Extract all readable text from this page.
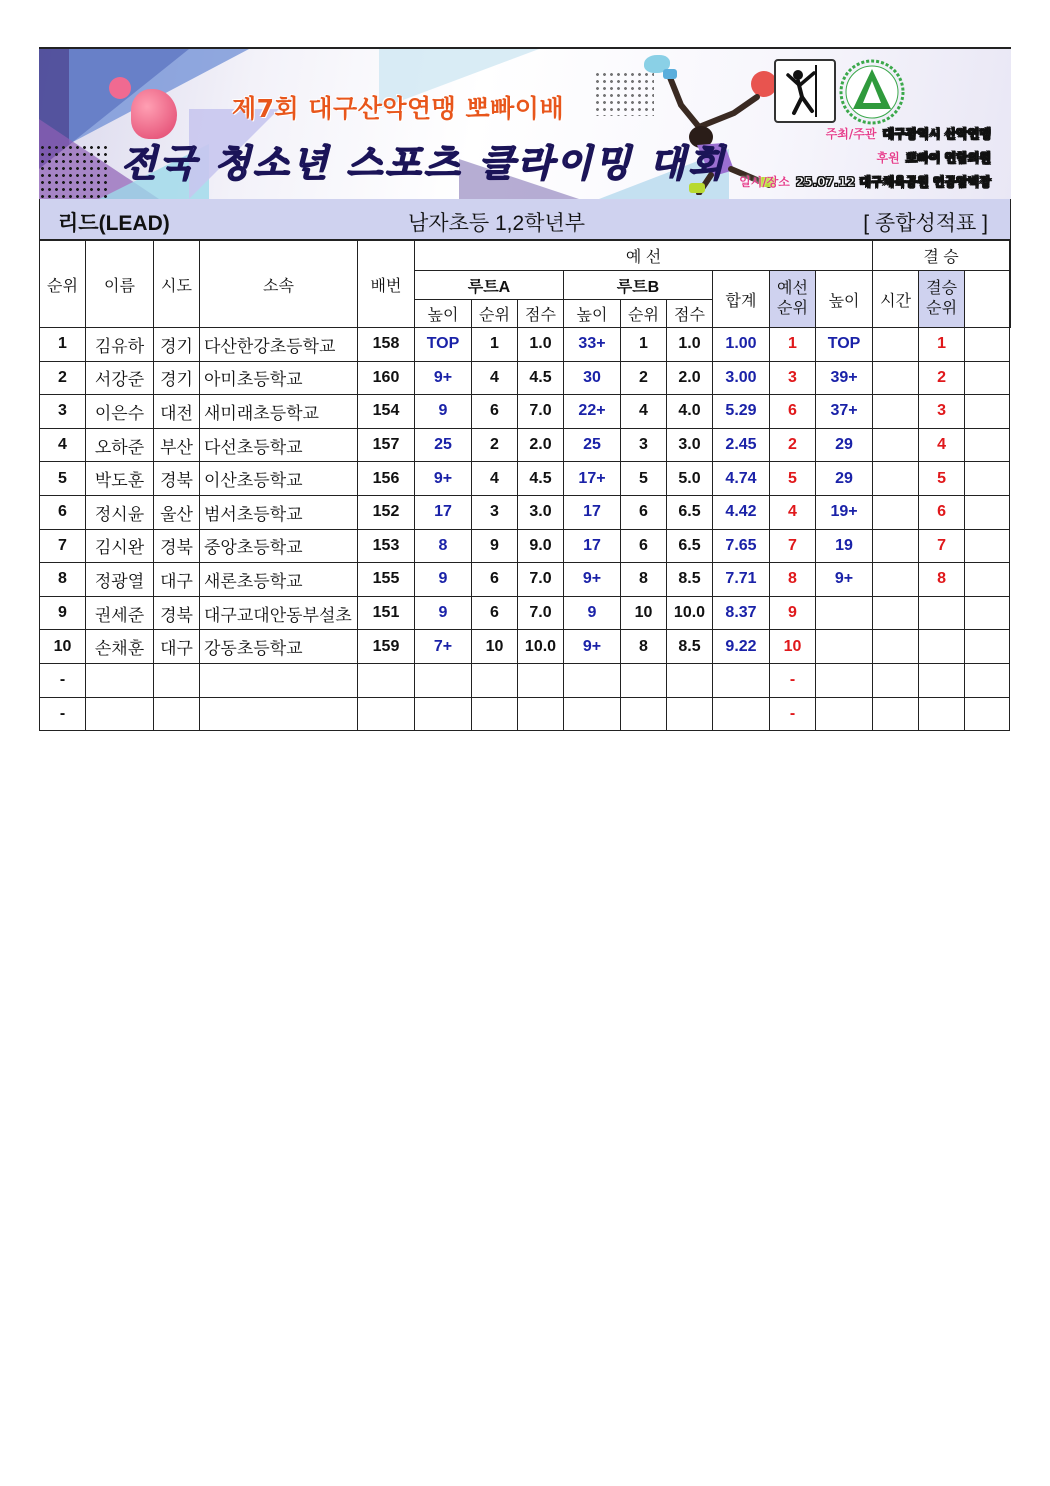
제7회 대구산악연맹 뽀빠이배
전국 청소년 스포츠 클라이밍 대회
주최/주관 대구광역시 산악연맹
후원 뽀빠이 연합의원
일시/장소 25.07.12 대구체육공원 인공암벽장
리드(LEAD)	남자초등 1,2학년부	[ 종합성적표 ]
순위	이름	시도	소속	배번	예 선									결 승	
					루트A			루트B			합계	예선 순위	높이	시간	결승 순위		
					높이	순위	점수	높이	순위	점수							
1	김유하	경기	다산한강초등학교	158	TOP	1	1.0	33+	1	1.0	1.00	1	TOP		1		
2	서강준	경기	아미초등학교	160	9+	4	4.5	30	2	2.0	3.00	3	39+		2		
3	이은수	대전	새미래초등학교	154	9	6	7.0	22+	4	4.0	5.29	6	37+		3		
4	오하준	부산	다선초등학교	157	25	2	2.0	25	3	3.0	2.45	2	29		4		
5	박도훈	경북	이산초등학교	156	9+	4	4.5	17+	5	5.0	4.74	5	29		5		
6	정시윤	울산	범서초등학교	152	17	3	3.0	17	6	6.5	4.42	4	19+		6		
7	김시완	경북	중앙초등학교	153	8	9	9.0	17	6	6.5	7.65	7	19		7		
8	정광열	대구	새론초등학교	155	9	6	7.0	9+	8	8.5	7.71	8	9+		8		
9	권세준	경북	대구교대안동부설초	151	9	6	7.0	9	10	10.0	8.37	9					
10	손채훈	대구	강동초등학교	159	7+	10	10.0	9+	8	8.5	9.22	10					
-												-					
-												-					
